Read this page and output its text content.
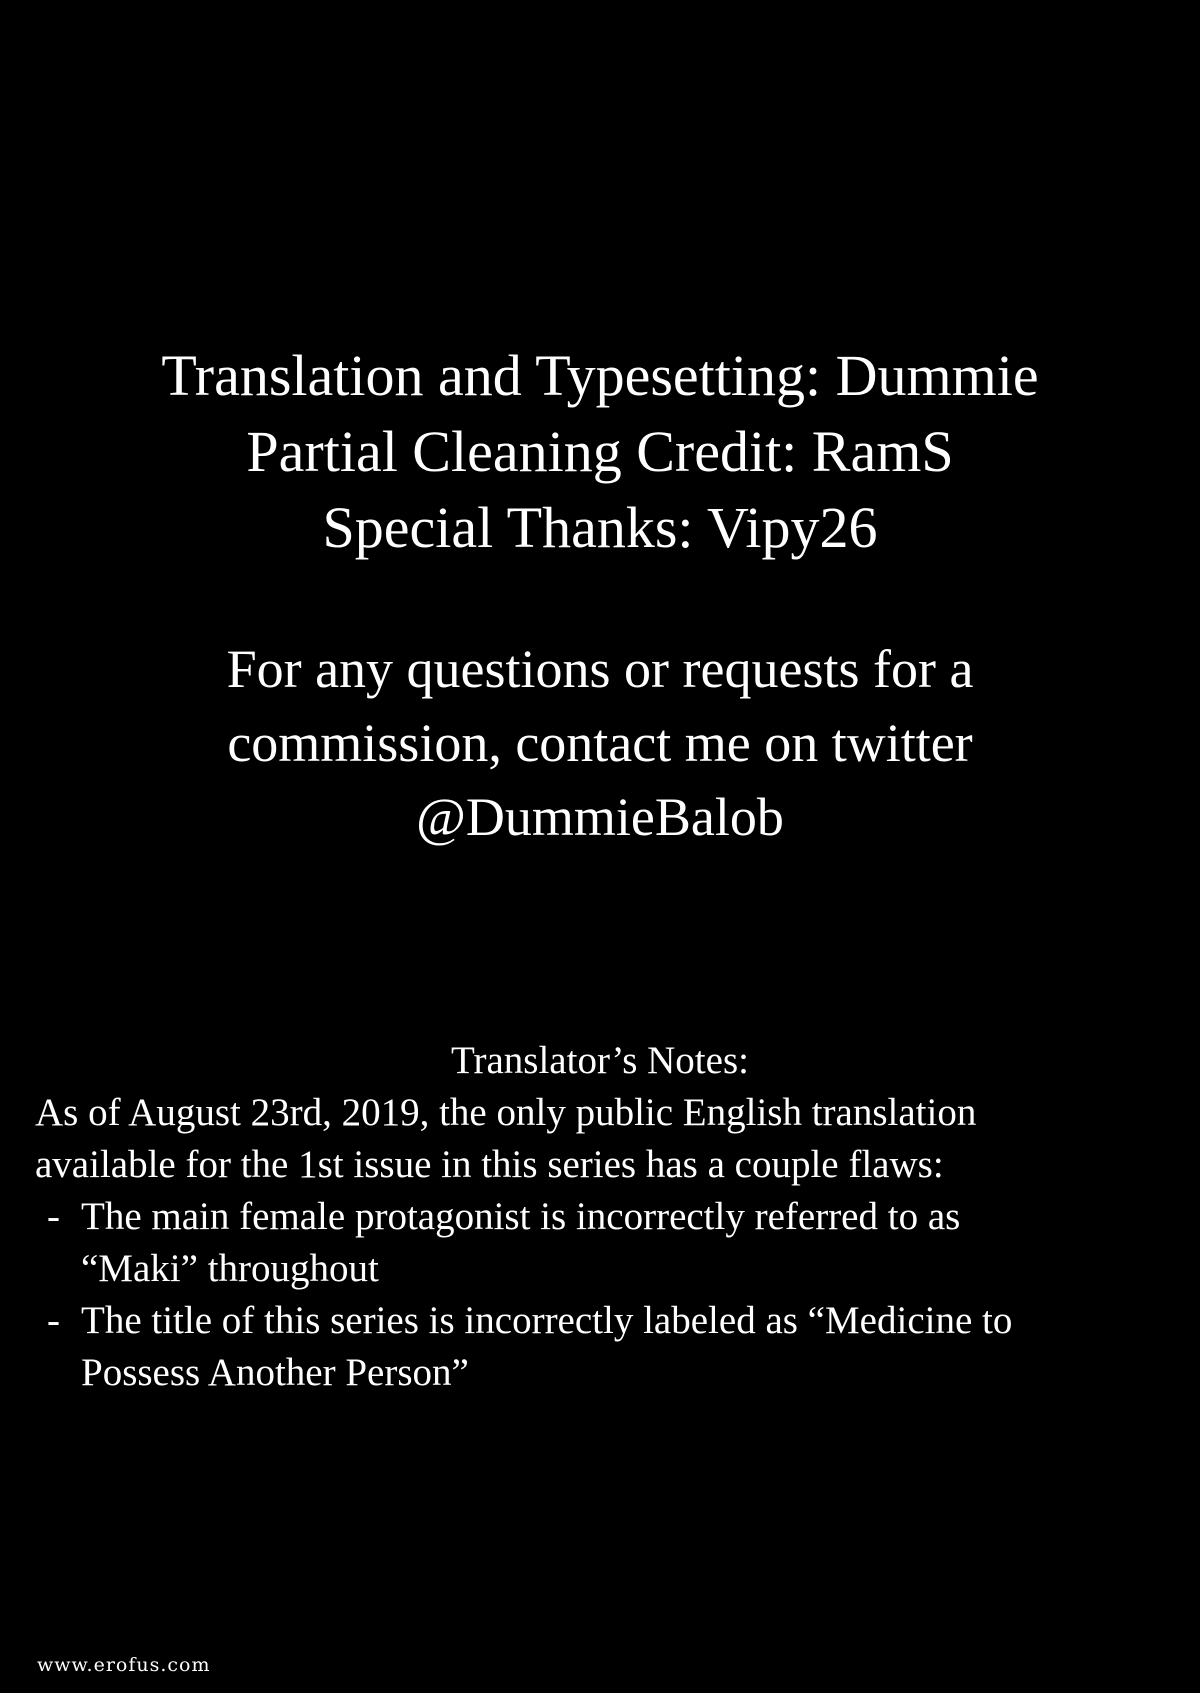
Translation and Typesetting: Dummie
Partial Cleaning Credit: RamS
Special Thanks: Vipy26
For any questions or requests for a
commission, contact me on twitter
@DummieBalob
Translator’s Notes:
As of August 23rd, 2019, the only public English translation
available for the 1st issue in this series has a couple flaws:
- The main female protagonist is incorrectly referred to as
“Maki” throughout
- The title of this series is incorrectly labeled as “Medicine to
Possess Another Person”
www.erofus.com
